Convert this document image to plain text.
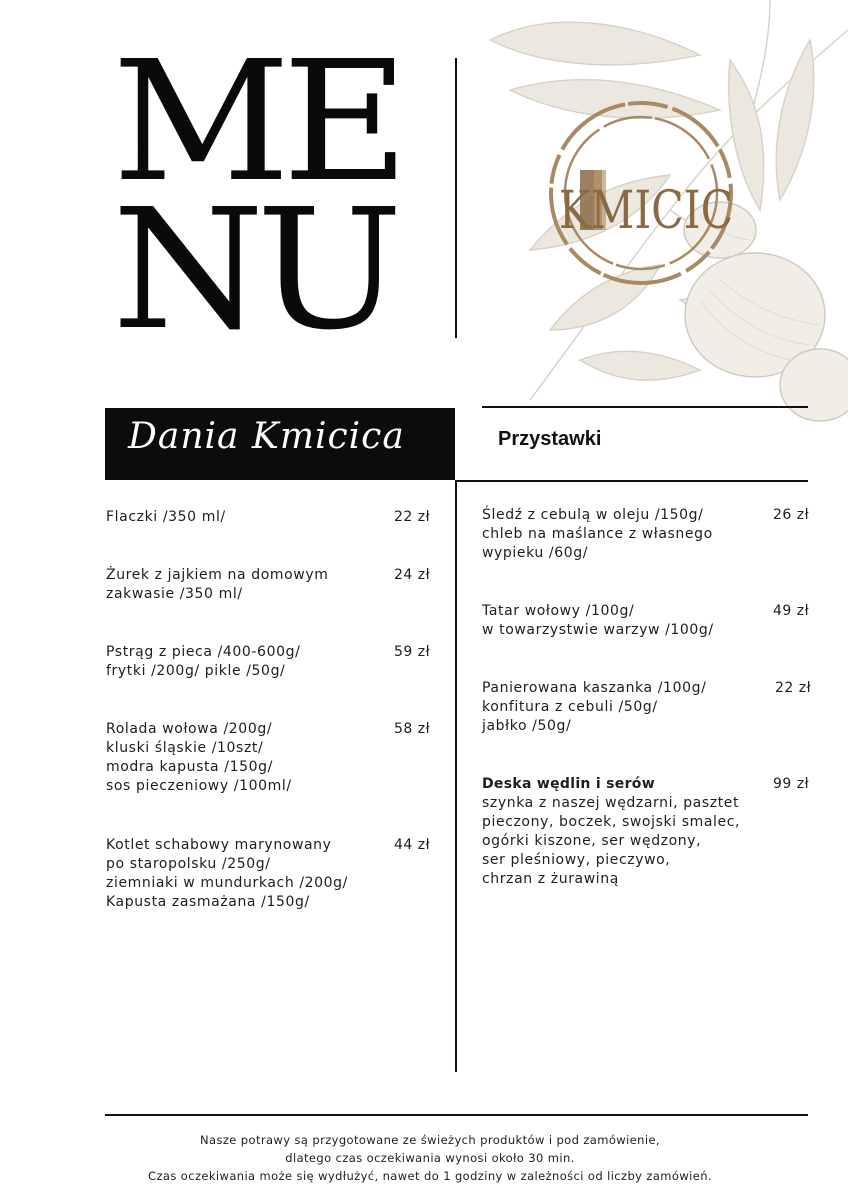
ME
NU	KMICIC
Dania Kmicica	Przystawki
Flaczki /350 ml/	22 zł
Żurek z jajkiem na domowym
zakwasie /350 ml/
24 zł
Pstrąg z pieca /400-600g/
frytki /200g/ pikle /50g/
59 zł
Rolada wołowa /200g/
kluski śląskie /10szt/
modra kapusta /150g/
sos pieczeniowy /100ml/
58 zł
Kotlet schabowy marynowany
po staropolsku /250g/
ziemniaki w mundurkach /200g/
Kapusta zasmażana /150g/
44 zł
Śledź z cebulą w oleju /150g/
chleb na maślance z własnego
wypieku /60g/
26 zł
Tatar wołowy /100g/
w towarzystwie warzyw /100g/
49 zł
Panierowana kaszanka /100g/
konfitura z cebuli /50g/
jabłko /50g/
22 zł
Deska wędlin i serów
szynka z naszej wędzarni, pasztet
pieczony, boczek, swojski smalec,
ogórki kiszone, ser wędzony,
ser pleśniowy, pieczywo,
chrzan z żurawiną
99 zł
Nasze potrawy są przygotowane ze świeżych produktów i pod zamówienie,
dlatego czas oczekiwania wynosi około 30 min.
Czas oczekiwania może się wydłużyć, nawet do 1 godziny w zależności od liczby zamówień.
